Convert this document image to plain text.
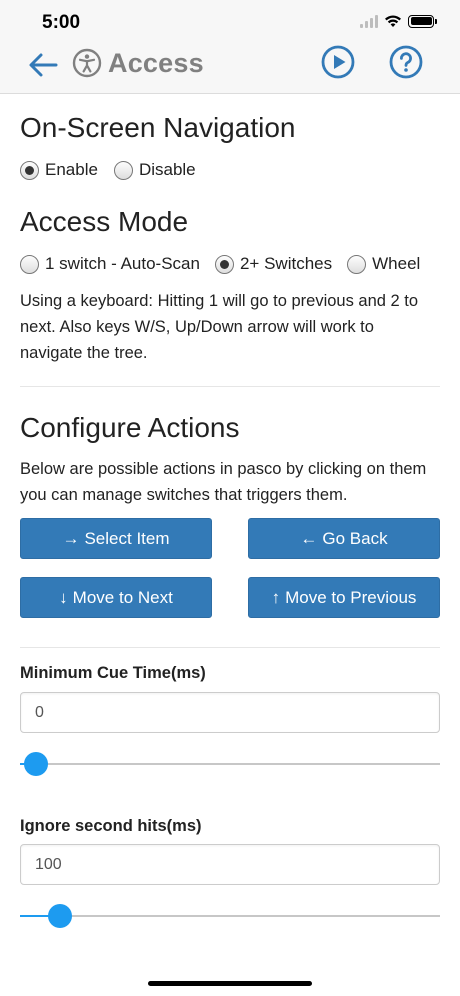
5:00
Access
On-Screen Navigation
Enable Disable
Access Mode
1 switch - Auto-Scan 2+ Switches Wheel

Using a keyboard: Hitting 1 will go to previous and 2 to next. Also keys W/S, Up/Down arrow will work to navigate the tree.

Configure Actions

Below are possible actions in pasco by clicking on them you can manage switches that triggers them.

→ Select Item	← Go Back
↓ Move to Next	↑ Move to Previous
Minimum Cue Time(ms)
0
Ignore second hits(ms)
100
